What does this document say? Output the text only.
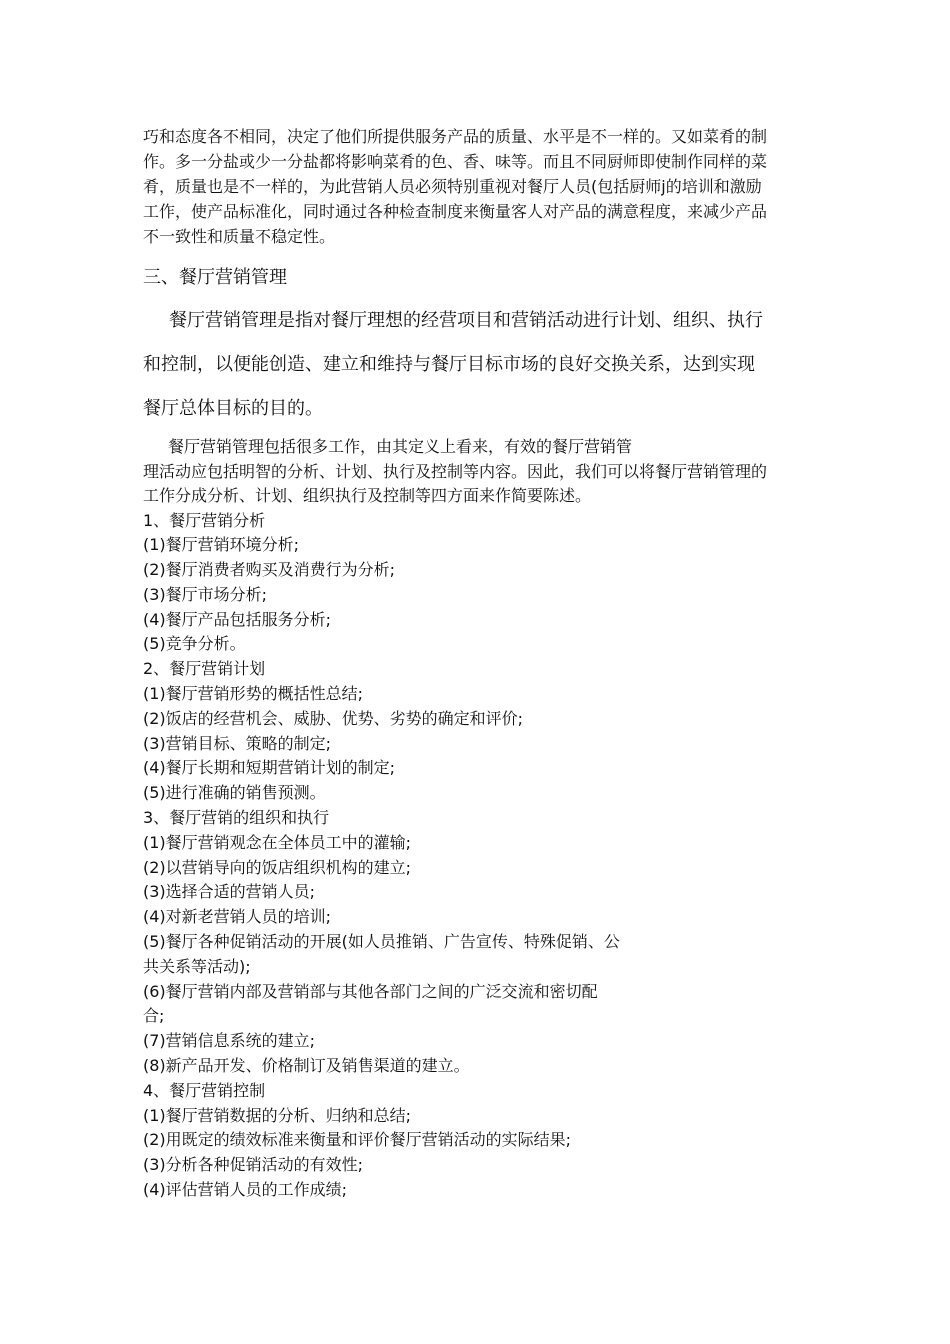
巧和态度各不相同，决定了他们所提供服务产品的质量、水平是不一样的。又如菜肴的制
作。多一分盐或少一分盐都将影响菜肴的色、香、味等。而且不同厨师即使制作同样的菜
肴，质量也是不一样的，为此营销人员必须特别重视对餐厅人员(包括厨师j的培训和激励
工作，使产品标准化，同时通过各种检查制度来衡量客人对产品的满意程度，来减少产品
不一致性和质量不稳定性。

三、餐厅营销管理

餐厅营销管理是指对餐厅理想的经营项目和营销活动进行计划、组织、执行
和控制，以便能创造、建立和维持与餐厅目标市场的良好交换关系，达到实现
餐厅总体目标的目的。

餐厅营销管理包括很多工作，由其定义上看来，有效的餐厅营销管
理活动应包括明智的分析、计划、执行及控制等内容。因此，我们可以将餐厅营销管理的
工作分成分析、计划、组织执行及控制等四方面来作简要陈述。

1、餐厅营销分析
(1)餐厅营销环境分析;
(2)餐厅消费者购买及消费行为分析;
(3)餐厅市场分析;
(4)餐厅产品包括服务分析;
(5)竞争分析。
2、餐厅营销计划
(1)餐厅营销形势的概括性总结;
(2)饭店的经营机会、威胁、优势、劣势的确定和评价;
(3)营销目标、策略的制定;
(4)餐厅长期和短期营销计划的制定;
(5)进行准确的销售预测。
3、餐厅营销的组织和执行
(1)餐厅营销观念在全体员工中的灌输;
(2)以营销导向的饭店组织机构的建立;
(3)选择合适的营销人员;
(4)对新老营销人员的培训;
(5)餐厅各种促销活动的开展(如人员推销、广告宣传、特殊促销、公
共关系等活动);
(6)餐厅营销内部及营销部与其他各部门之间的广泛交流和密切配
合;
(7)营销信息系统的建立;
(8)新产品开发、价格制订及销售渠道的建立。
4、餐厅营销控制
(1)餐厅营销数据的分析、归纳和总结;
(2)用既定的绩效标准来衡量和评价餐厅营销活动的实际结果;
(3)分析各种促销活动的有效性;
(4)评估营销人员的工作成绩;
